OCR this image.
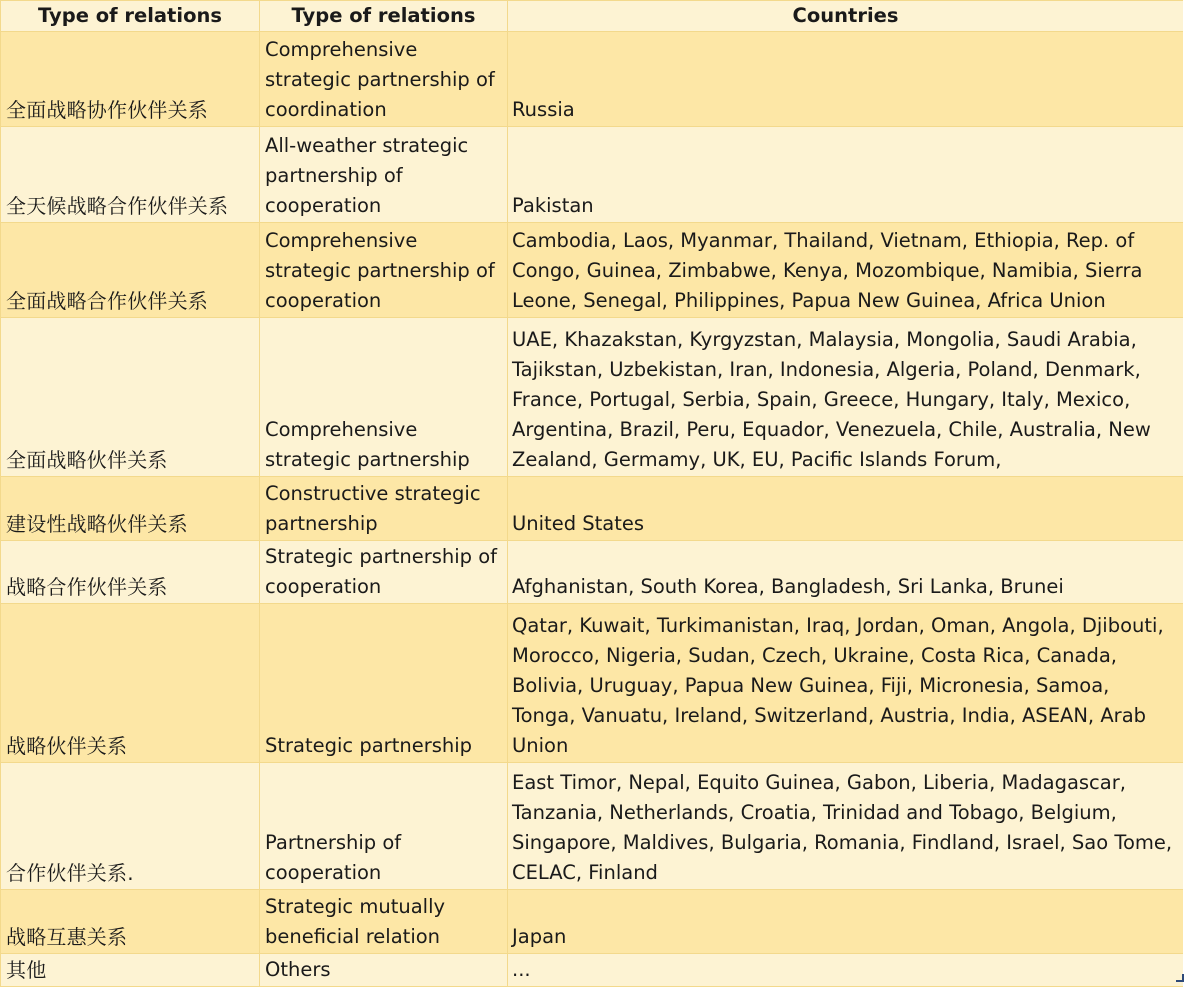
Type of relations	Type of relations	Countries
全面战略协作伙伴关系	Comprehensive strategic partnership of coordination	Russia
全天候战略合作伙伴关系	All-weather strategic partnership of cooperation	Pakistan
全面战略合作伙伴关系	Comprehensive strategic partnership of cooperation	Cambodia, Laos, Myanmar, Thailand, Vietnam, Ethiopia, Rep. of Congo, Guinea, Zimbabwe, Kenya, Mozombique, Namibia, Sierra Leone, Senegal, Philippines, Papua New Guinea, Africa Union
全面战略伙伴关系	Comprehensive strategic partnership	UAE, Khazakstan, Kyrgyzstan, Malaysia, Mongolia, Saudi Arabia, Tajikstan, Uzbekistan, Iran, Indonesia, Algeria, Poland, Denmark, France, Portugal, Serbia, Spain, Greece, Hungary, Italy, Mexico, Argentina, Brazil, Peru, Equador, Venezuela, Chile, Australia, New Zealand, Germamy, UK, EU, Pacific Islands Forum,
建设性战略伙伴关系	Constructive strategic partnership	United States
战略合作伙伴关系	Strategic partnership of cooperation	Afghanistan, South Korea, Bangladesh, Sri Lanka, Brunei
战略伙伴关系	Strategic partnership	Qatar, Kuwait, Turkimanistan, Iraq, Jordan, Oman, Angola, Djibouti, Morocco, Nigeria, Sudan, Czech, Ukraine, Costa Rica, Canada, Bolivia, Uruguay, Papua New Guinea, Fiji, Micronesia, Samoa, Tonga, Vanuatu, Ireland, Switzerland, Austria, India, ASEAN, Arab Union
合作伙伴关系.	Partnership of cooperation	East Timor, Nepal, Equito Guinea, Gabon, Liberia, Madagascar, Tanzania, Netherlands, Croatia, Trinidad and Tobago, Belgium, Singapore, Maldives, Bulgaria, Romania, Findland, Israel, Sao Tome, CELAC, Finland
战略互惠关系	Strategic mutually beneficial relation	Japan
其他	Others	...
